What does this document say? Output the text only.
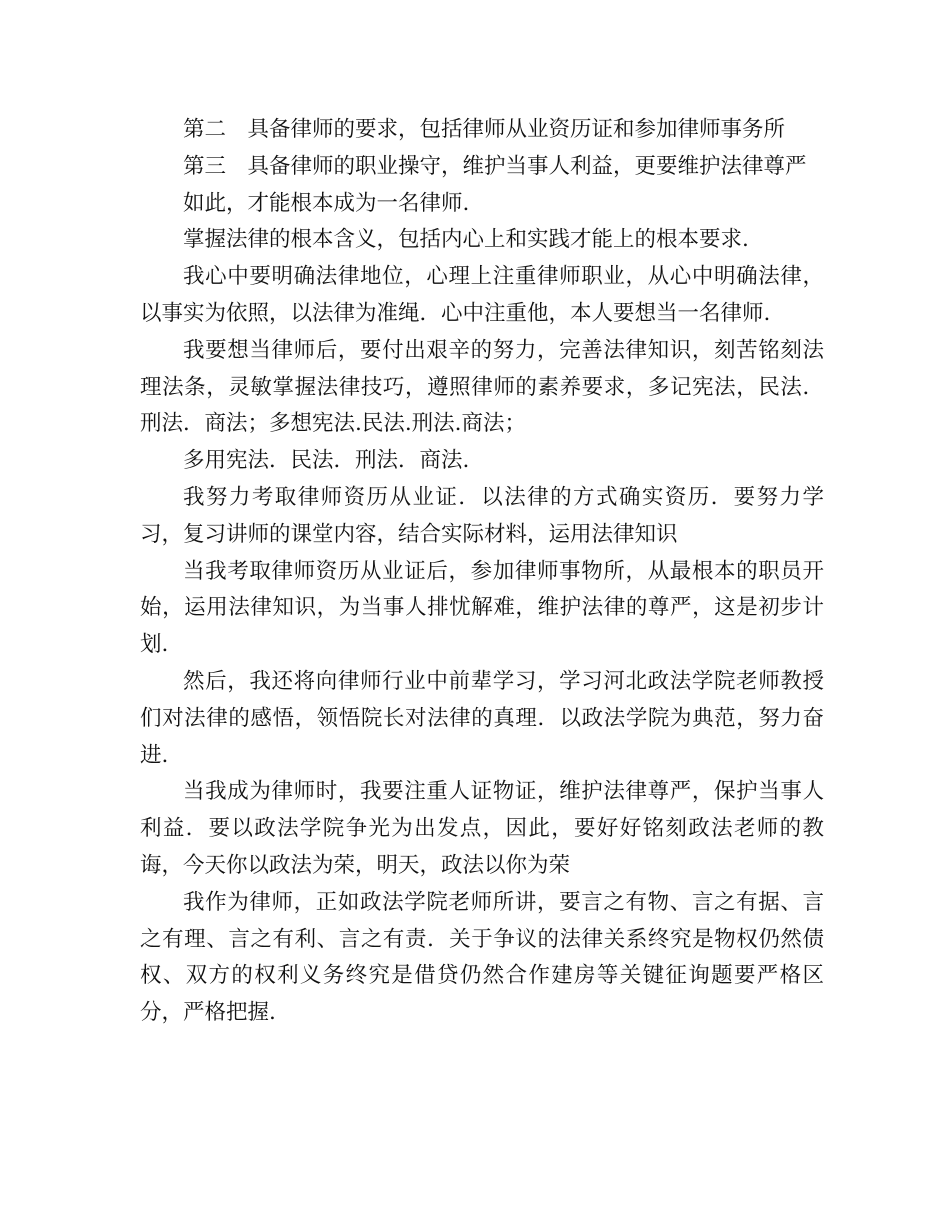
第二　具备律师的要求，包括律师从业资历证和参加律师事务所

第三　具备律师的职业操守，维护当事人利益，更要维护法律尊严

如此，才能根本成为一名律师.

掌握法律的根本含义，包括内心上和实践才能上的根本要求.

我心中要明确法律地位，心理上注重律师职业，从心中明确法律，以事实为依照，以法律为准绳．心中注重他，本人要想当一名律师.

我要想当律师后，要付出艰辛的努力，完善法律知识，刻苦铭刻法理法条，灵敏掌握法律技巧，遵照律师的素养要求，多记宪法，民法．刑法．商法；多想宪法.民法.刑法.商法；

多用宪法．民法．刑法．商法.

我努力考取律师资历从业证．以法律的方式确实资历．要努力学习，复习讲师的课堂内容，结合实际材料，运用法律知识

当我考取律师资历从业证后，参加律师事物所，从最根本的职员开始，运用法律知识，为当事人排忧解难，维护法律的尊严，这是初步计划.

然后，我还将向律师行业中前辈学习，学习河北政法学院老师教授们对法律的感悟，领悟院长对法律的真理．以政法学院为典范，努力奋进.

当我成为律师时，我要注重人证物证，维护法律尊严，保护当事人利益．要以政法学院争光为出发点，因此，要好好铭刻政法老师的教诲，今天你以政法为荣，明天，政法以你为荣

我作为律师，正如政法学院老师所讲，要言之有物、言之有据、言之有理、言之有利、言之有责．关于争议的法律关系终究是物权仍然债权、双方的权利义务终究是借贷仍然合作建房等关键征询题要严格区分，严格把握.
